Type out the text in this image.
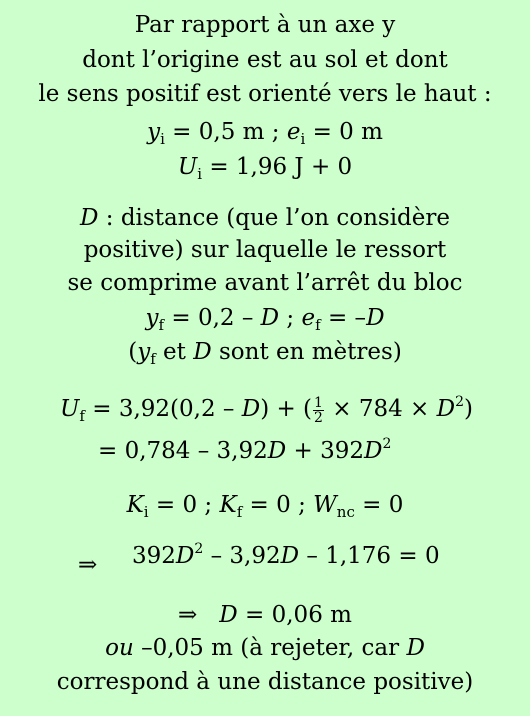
Par rapport à un axe y
dont l’origine est au sol et dont
le sens positif est orienté vers le haut :
$y_i = 0,5$ m ; $e_i = 0$ m
$U_i = 1,96$ J + 0
D : distance (que l’on considère
positive) sur laquelle le ressort
se comprime avant l’arrêt du bloc
$y_f = 0,2 - D$ ; $e_f = -D$
($y_f$ et D sont en mètres)
$U_f = 3,92(0,2 - D)$ + ( $\frac{1}{2} \times 784 \times D^2$)
= $0,784 - 3,92D + 392D^2$
$K_i = 0$ ; $K_f = 0$ ; $W_{nc} = 0$
⇒ $392D^2 - 3,92D - 1,176 = 0$
⇒ D = 0,06 m
ou –0,05 m (à rejeter, car D
correspond à une distance positive)
